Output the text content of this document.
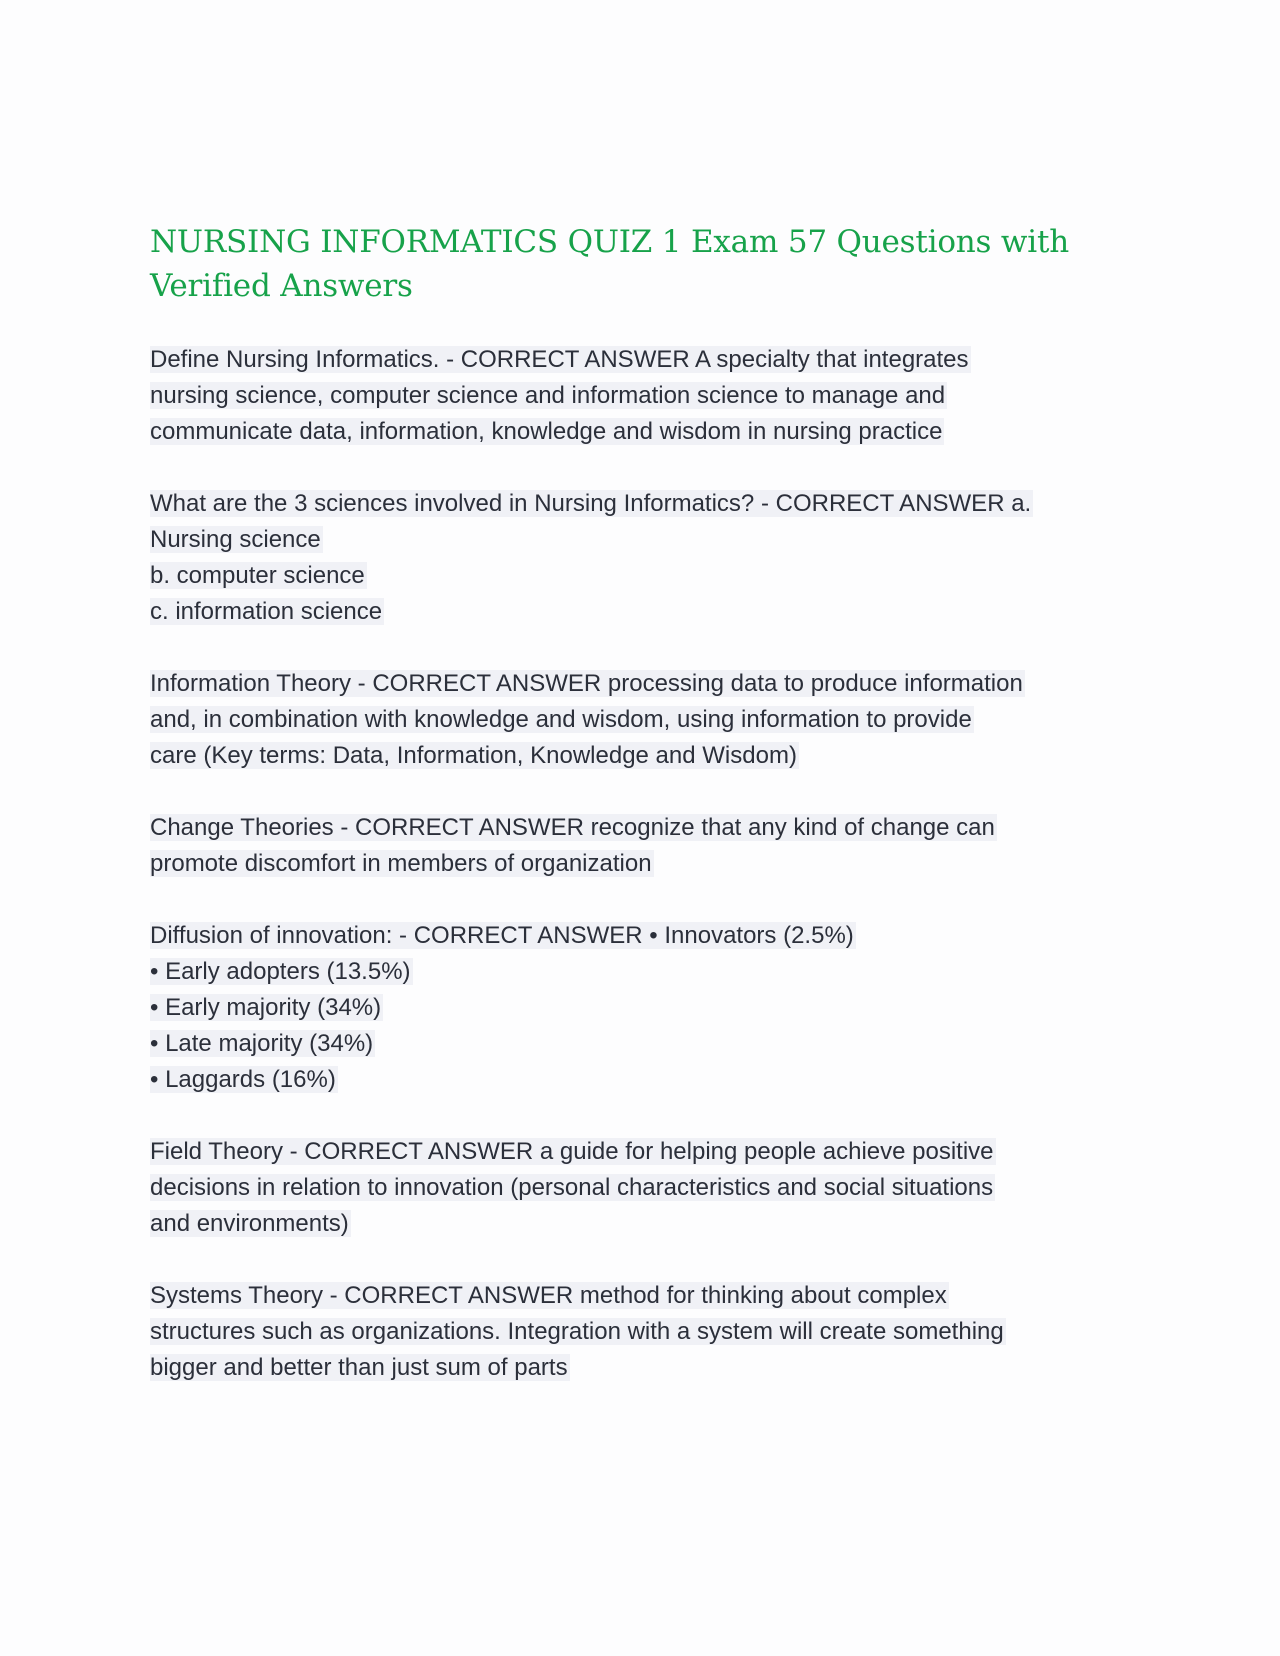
NURSING INFORMATICS QUIZ 1 Exam 57 Questions with Verified Answers
Define Nursing Informatics. - CORRECT ANSWER A specialty that integrates
nursing science, computer science and information science to manage and
communicate data, information, knowledge and wisdom in nursing practice
What are the 3 sciences involved in Nursing Informatics? - CORRECT ANSWER a.
Nursing science
b. computer science
c. information science
Information Theory - CORRECT ANSWER processing data to produce information
and, in combination with knowledge and wisdom, using information to provide
care (Key terms: Data, Information, Knowledge and Wisdom)
Change Theories - CORRECT ANSWER recognize that any kind of change can
promote discomfort in members of organization
Diffusion of innovation: - CORRECT ANSWER • Innovators (2.5%)
• Early adopters (13.5%)
• Early majority (34%)
• Late majority (34%)
• Laggards (16%)
Field Theory - CORRECT ANSWER a guide for helping people achieve positive
decisions in relation to innovation (personal characteristics and social situations
and environments)
Systems Theory - CORRECT ANSWER method for thinking about complex
structures such as organizations. Integration with a system will create something
bigger and better than just sum of parts
